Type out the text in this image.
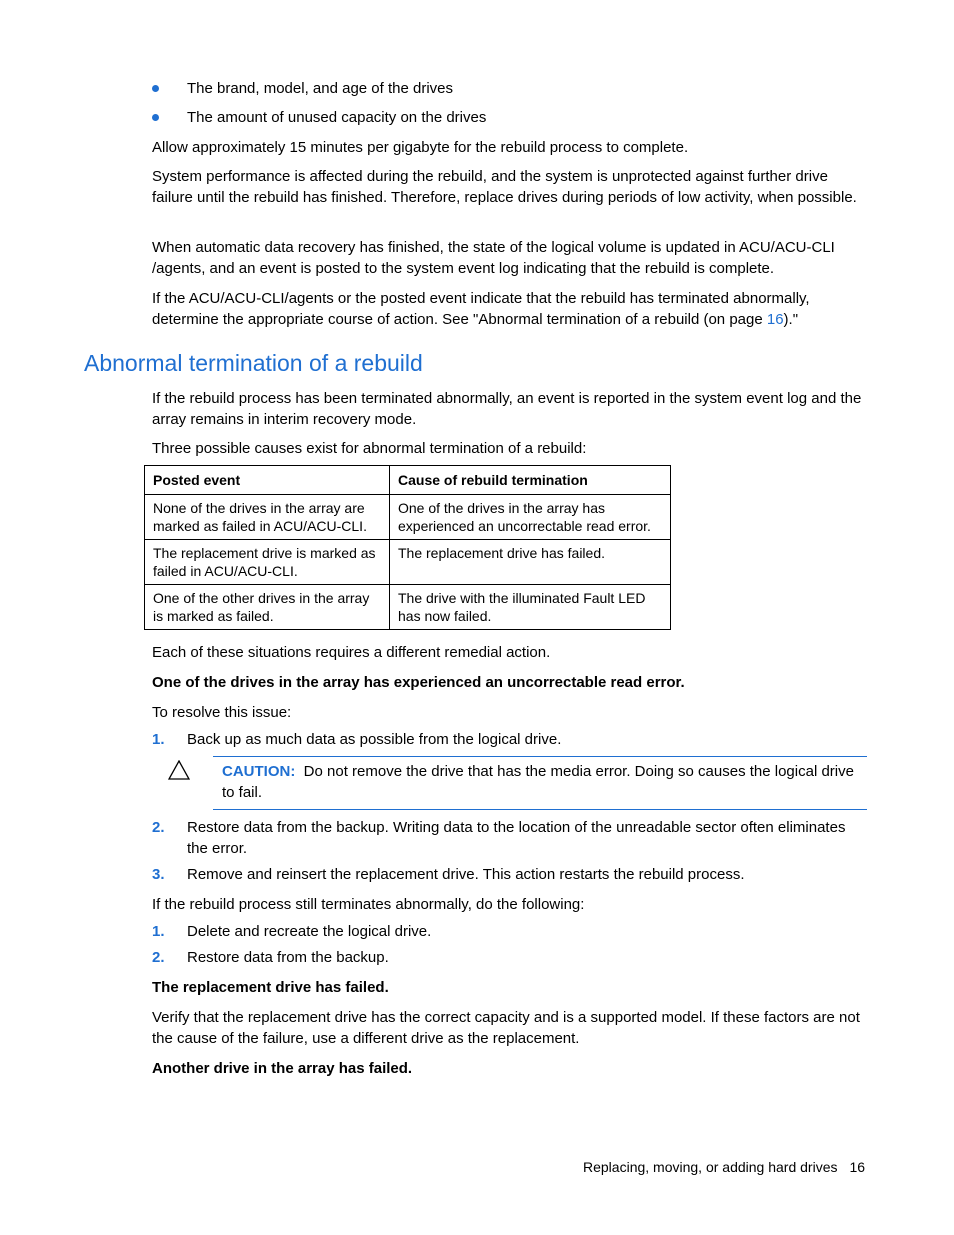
The brand, model, and age of the drives
The amount of unused capacity on the drives

Allow approximately 15 minutes per gigabyte for the rebuild process to complete.

System performance is affected during the rebuild, and the system is unprotected against further drive failure until the rebuild has finished. Therefore, replace drives during periods of low activity, when possible.

When automatic data recovery has finished, the state of the logical volume is updated in ACU/ACU-CLI /agents, and an event is posted to the system event log indicating that the rebuild is complete.

If the ACU/ACU-CLI/agents or the posted event indicate that the rebuild has terminated abnormally, determine the appropriate course of action. See "Abnormal termination of a rebuild (on page 16)."

Abnormal termination of a rebuild

If the rebuild process has been terminated abnormally, an event is reported in the system event log and the array remains in interim recovery mode.

Three possible causes exist for abnormal termination of a rebuild:

Posted event	Cause of rebuild termination
None of the drives in the array are marked as failed in ACU/ACU-CLI.	One of the drives in the array has experienced an uncorrectable read error.
The replacement drive is marked as failed in ACU/ACU-CLI.	The replacement drive has failed.
One of the other drives in the array is marked as failed.	The drive with the illuminated Fault LED has now failed.

Each of these situations requires a different remedial action.

One of the drives in the array has experienced an uncorrectable read error.

To resolve this issue:

1. Back up as much data as possible from the logical drive.

CAUTION: Do not remove the drive that has the media error. Doing so causes the logical drive to fail.

2. Restore data from the backup. Writing data to the location of the unreadable sector often eliminates the error.
3. Remove and reinsert the replacement drive. This action restarts the rebuild process.

If the rebuild process still terminates abnormally, do the following:

1. Delete and recreate the logical drive.
2. Restore data from the backup.

The replacement drive has failed.

Verify that the replacement drive has the correct capacity and is a supported model. If these factors are not the cause of the failure, use a different drive as the replacement.

Another drive in the array has failed.

Replacing, moving, or adding hard drives 16
